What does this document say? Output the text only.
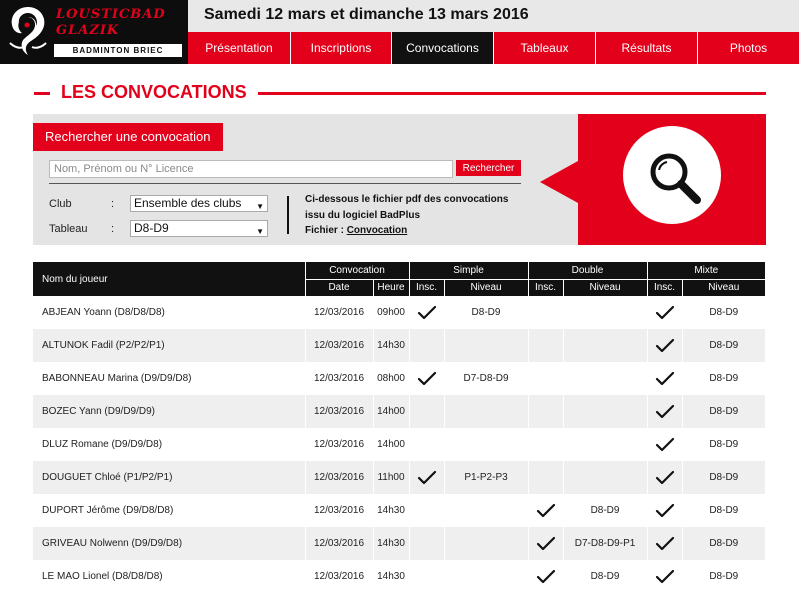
LOUSTICBAD
GLAZIK
BADMINTON BRIEC
Samedi 12 mars et dimanche 13 mars 2016
Présentation	Inscriptions	Convocations	Tableaux	Résultats	Photos
LES CONVOCATIONS
Rechercher une convocation
Nom, Prénom ou N° Licence
Rechercher
Club	:	Ensemble des clubs ▼
Tableau :	D8-D9	▼
Ci-dessous le fichier pdf des convocations
issu du logiciel BadPlus
Fichier : Convocation
Nom du joueur	Convocation		Simple		Double		Mixte	
	Date	Heure	Insc.	Niveau	Insc.	Niveau	Insc.	Niveau
ABJEAN Yoann (D8/D8/D8)	12/03/2016	09h00		D8-D9				D8-D9
ALTUNOK Fadil (P2/P2/P1)	12/03/2016	14h30						D8-D9
BABONNEAU Marina (D9/D9/D8)	12/03/2016	08h00		D7-D8-D9				D8-D9
BOZEC Yann (D9/D9/D9)	12/03/2016	14h00						D8-D9
DLUZ Romane (D9/D9/D8)	12/03/2016	14h00						D8-D9
DOUGUET Chloé (P1/P2/P1)	12/03/2016	11h00		P1-P2-P3				D8-D9
DUPORT Jérôme (D9/D8/D8)	12/03/2016	14h30				D8-D9		D8-D9
GRIVEAU Nolwenn (D9/D9/D8)	12/03/2016	14h30				D7-D8-D9-P1		D8-D9
LE MAO Lionel (D8/D8/D8)	12/03/2016	14h30				D8-D9		D8-D9
